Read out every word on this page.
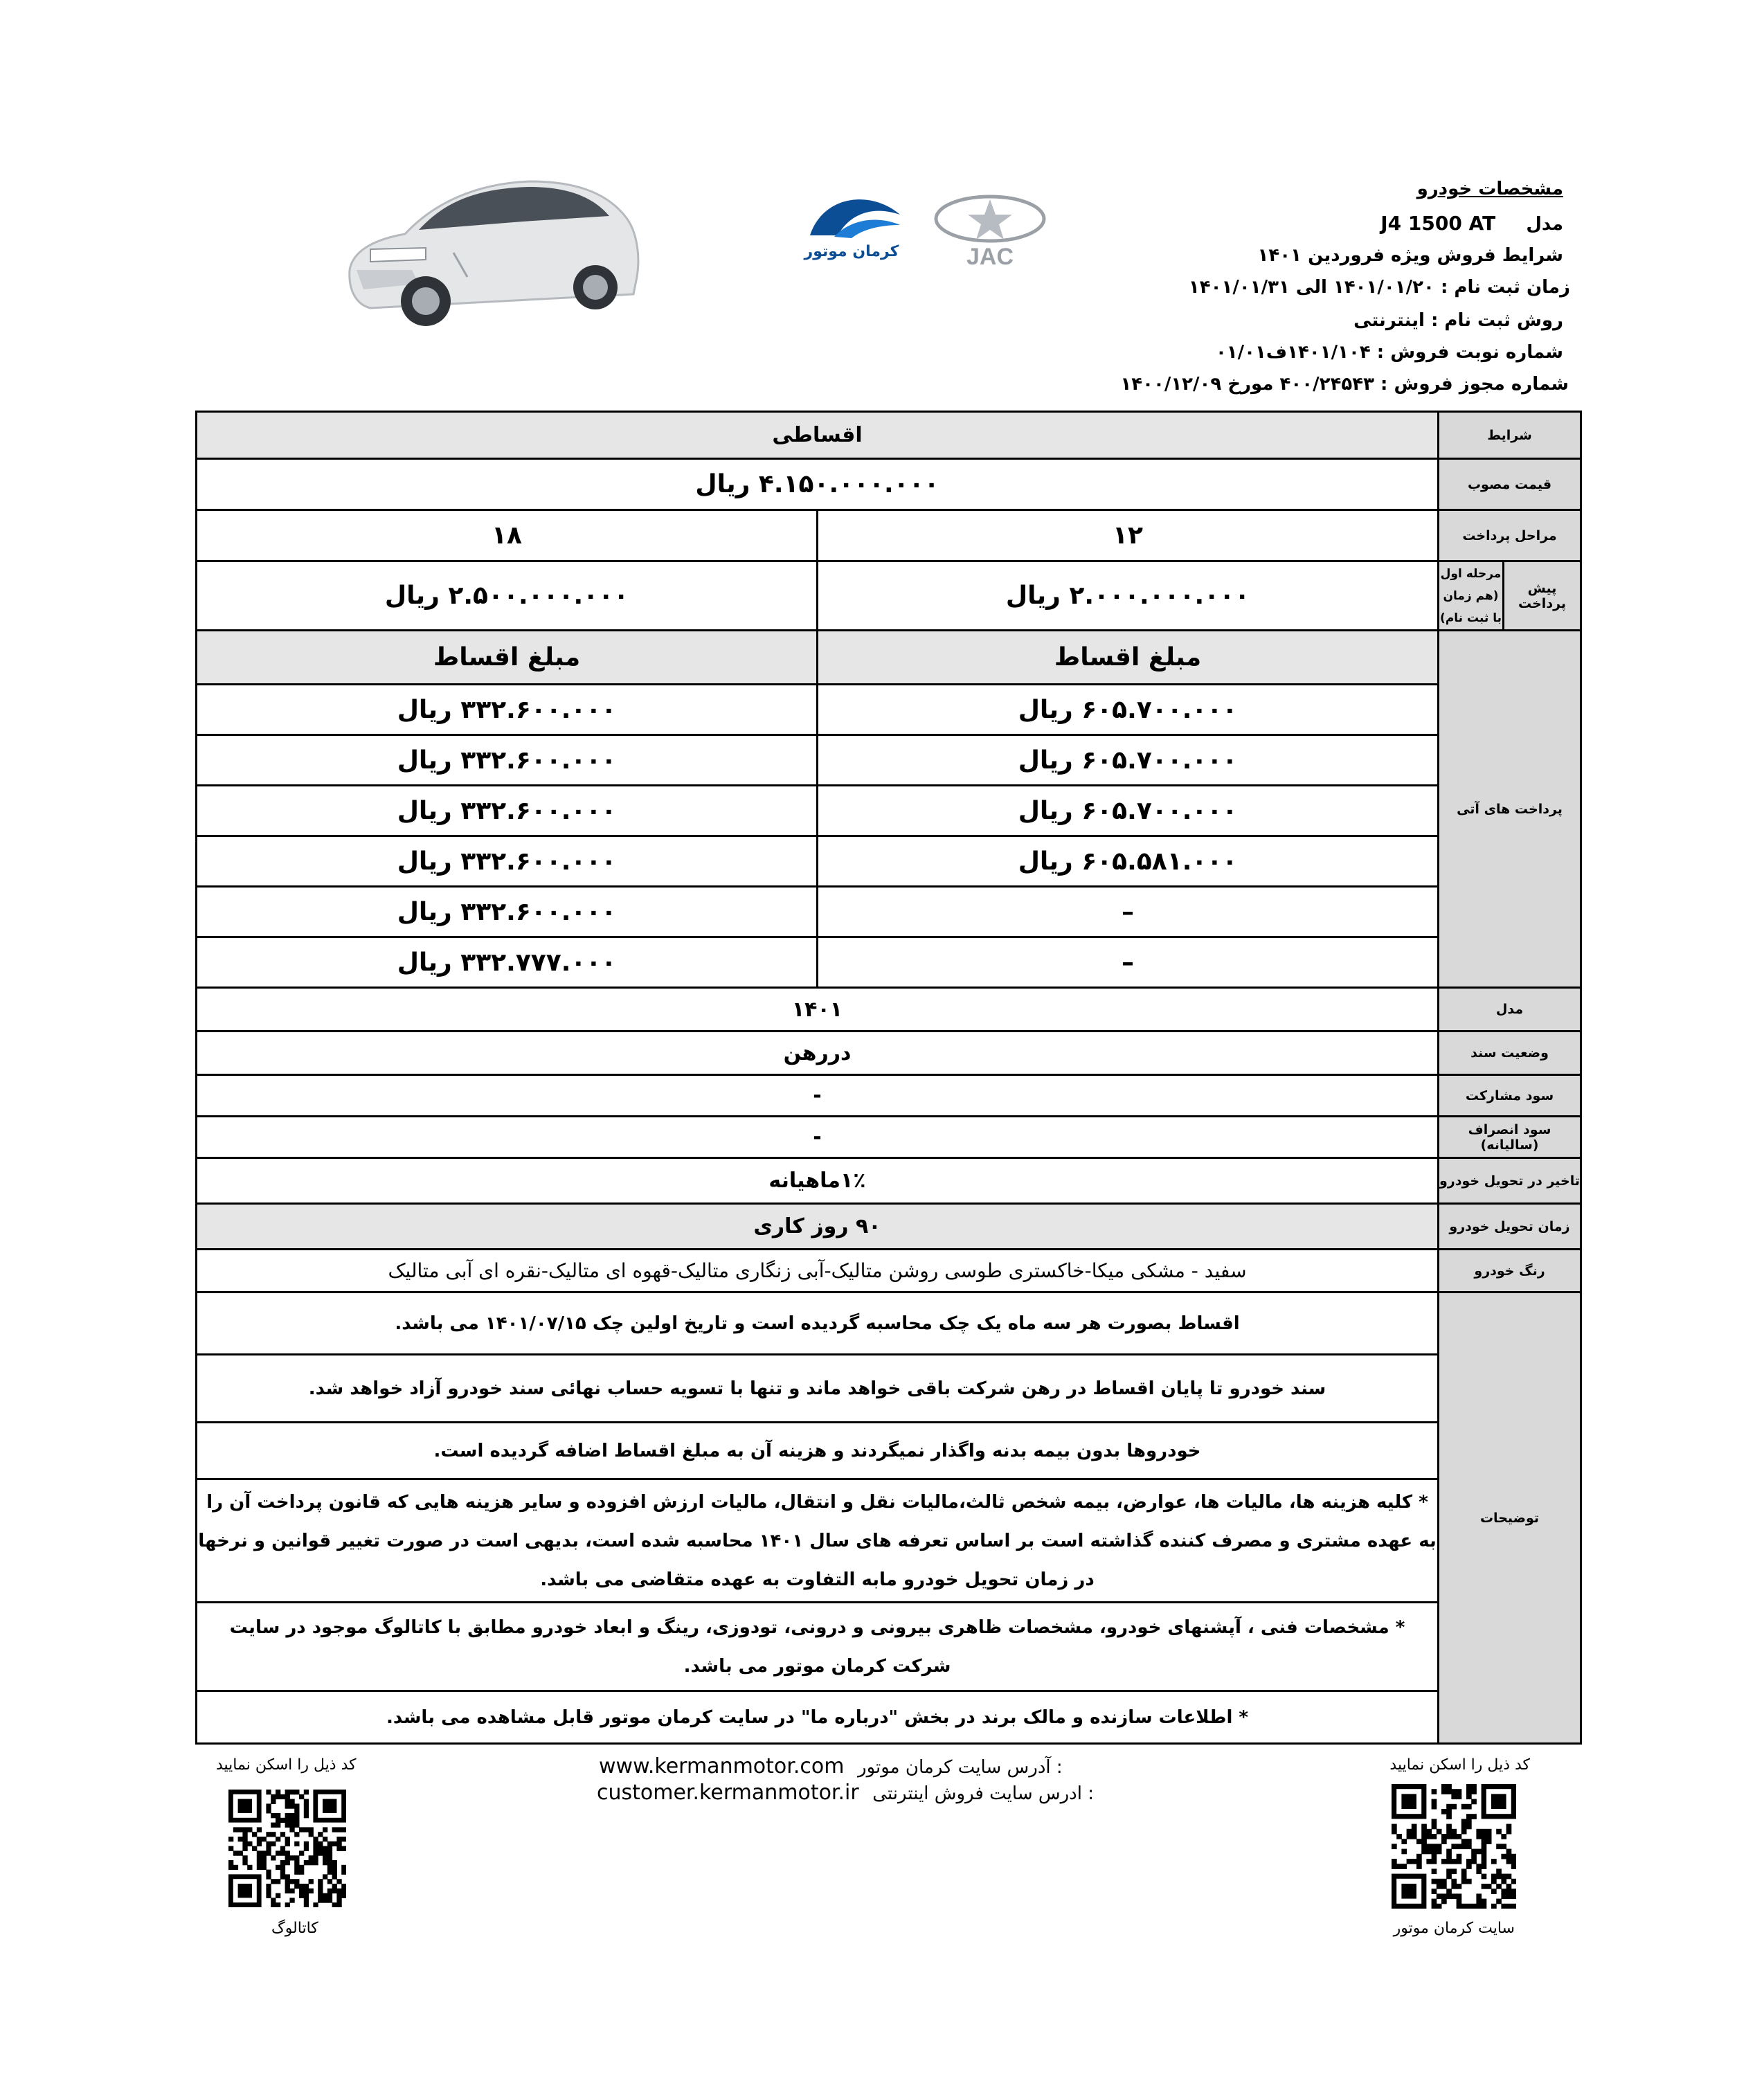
مشخصات خودرو
J4 1500 AT مدل
شرایط فروش ویژه فروردین ۱۴۰۱
زمان ثبت نام : ۱۴۰۱/۰۱/۲۰ الی ۱۴۰۱/۰۱/۳۱
روش ثبت نام : اینترنتی
شماره نوبت فروش : ۱۴۰۱/۱۰۴ف۰۱/۰۱
شماره مجوز فروش : ۴۰۰/۲۴۵۴۳ مورخ ۱۴۰۰/۱۲/۰۹
JAC
کرمان موتور
شرایط		اقساطی	
قیمت مصوب		۴.۱۵۰.۰۰۰.۰۰۰ ریال	
مراحل پرداخت		۱۲	۱۸
پیش پرداخت	مرحله اول (هم زمان با ثبت نام)	۲.۰۰۰.۰۰۰.۰۰۰ ریال	۲.۵۰۰.۰۰۰.۰۰۰ ریال
پرداخت های آتی		مبلغ اقساط	مبلغ اقساط
		۶۰۵.۷۰۰.۰۰۰ ریال	۳۳۲.۶۰۰.۰۰۰ ریال
		۶۰۵.۷۰۰.۰۰۰ ریال	۳۳۲.۶۰۰.۰۰۰ ریال
		۶۰۵.۷۰۰.۰۰۰ ریال	۳۳۲.۶۰۰.۰۰۰ ریال
		۶۰۵.۵۸۱.۰۰۰ ریال	۳۳۲.۶۰۰.۰۰۰ ریال
		–	۳۳۲.۶۰۰.۰۰۰ ریال
		–	۳۳۲.۷۷۷.۰۰۰ ریال
مدل		۱۴۰۱	
وضعیت سند		دررهن	
سود مشارکت		-	
سود انصراف (سالیانه)		-	
تاخیر در تحویل خودرو		۱٪ماهیانه	
زمان تحویل خودرو		۹۰ روز کاری	
رنگ خودرو		سفید - مشکی میکا-خاکستری طوسی روشن متالیک-آبی زنگاری متالیک-قهوه ای متالیک-نقره ای آبی متالیک	
توضیحات		اقساط بصورت هر سه ماه یک چک محاسبه گردیده است و تاریخ اولین چک ۱۴۰۱/۰۷/۱۵ می باشد.	
		سند خودرو تا پایان اقساط در رهن شرکت باقی خواهد ماند و تنها با تسویه حساب نهائی سند خودرو آزاد خواهد شد.	
		خودروها بدون بیمه بدنه واگذار نمیگردند و هزینه آن به مبلغ اقساط اضافه گردیده است.	
		* کلیه هزینه ها، مالیات ها، عوارض، بیمه شخص ثالث،مالیات نقل و انتقال، مالیات ارزش افزوده و سایر هزینه هایی که قانون پرداخت آن را به عهده مشتری و مصرف کننده گذاشته است بر اساس تعرفه های سال ۱۴۰۱ محاسبه شده است، بدیهی است در صورت تغییر قوانین و نرخها در زمان تحویل خودرو مابه التفاوت به عهده متقاضی می باشد.	
		* مشخصات فنی ، آپشنهای خودرو، مشخصات ظاهری بیرونی و درونی، تودوزی، رینگ و ابعاد خودرو مطابق با کاتالوگ موجود در سایت شرکت کرمان موتور می باشد.	
		* اطلاعات سازنده و مالک برند در بخش "درباره ما" در سایت کرمان موتور قابل مشاهده می باشد.	
کد ذیل را اسکن نمایید
کد ذیل را اسکن نمایید	www.kermanmotor.com آدرس سایت کرمان موتور :
customer.kermanmotor.ir ادرس سایت فروش اینترنتی :
سایت کرمان موتور
کاتالوگ
